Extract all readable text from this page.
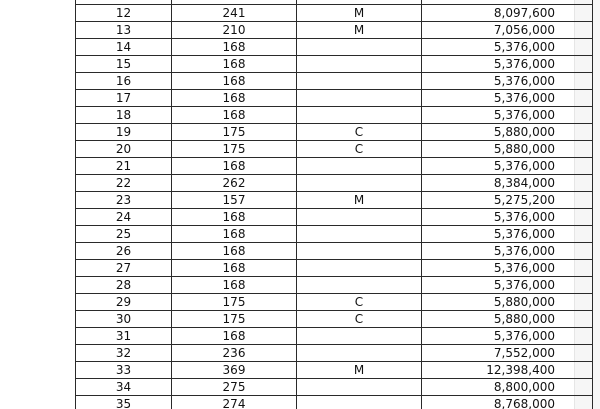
12	241	M	8,097,600
13	210	M	7,056,000
14	168		5,376,000
15	168		5,376,000
16	168		5,376,000
17	168		5,376,000
18	168		5,376,000
19	175	C	5,880,000
20	175	C	5,880,000
21	168		5,376,000
22	262		8,384,000
23	157	M	5,275,200
24	168		5,376,000
25	168		5,376,000
26	168		5,376,000
27	168		5,376,000
28	168		5,376,000
29	175	C	5,880,000
30	175	C	5,880,000
31	168		5,376,000
32	236		7,552,000
33	369	M	12,398,400
34	275		8,800,000
35	274		8,768,000
